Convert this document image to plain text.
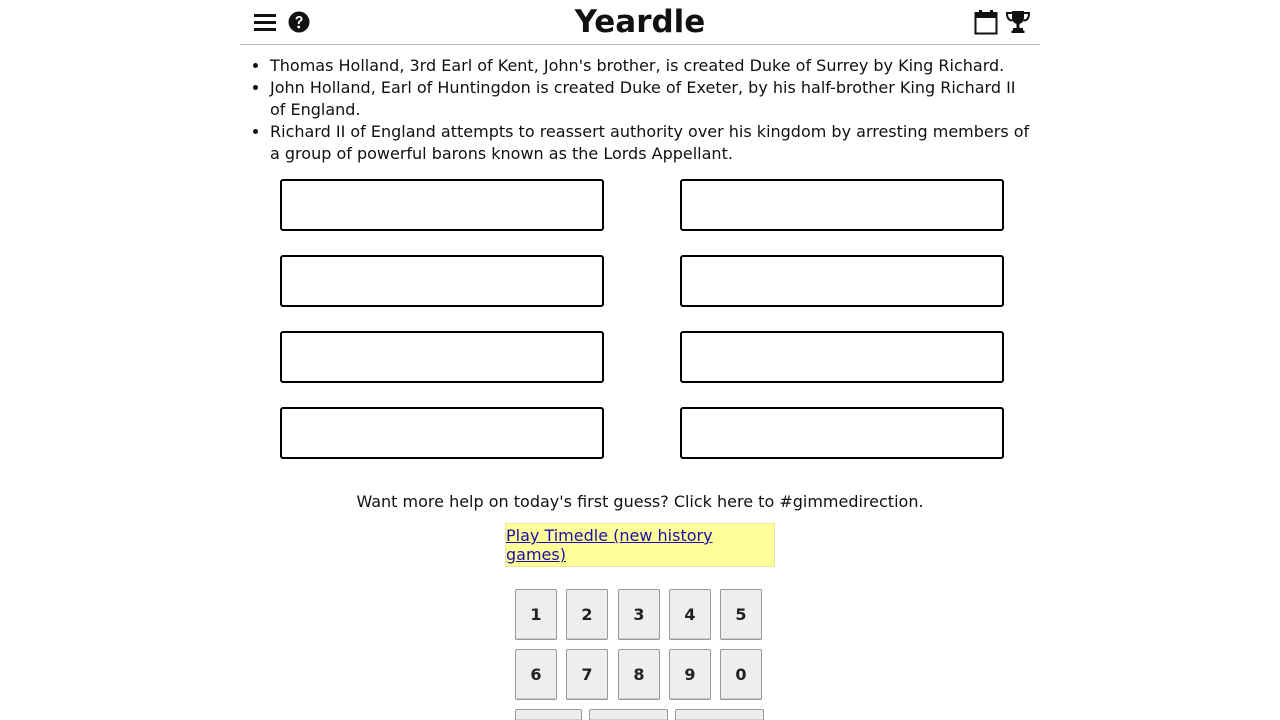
Yeardle
• Thomas Holland, 3rd Earl of Kent, John's brother, is created Duke of Surrey by King Richard.
• John Holland, Earl of Huntingdon is created Duke of Exeter, by his half-brother King Richard II of England.
• Richard II of England attempts to reassert authority over his kingdom by arresting members of a group of powerful barons known as the Lords Appellant.
Want more help on today's first guess? Click here to #gimmedirection.
Play Timedle (new history games)
1	2	3	4	5
6	7	8	9	0
